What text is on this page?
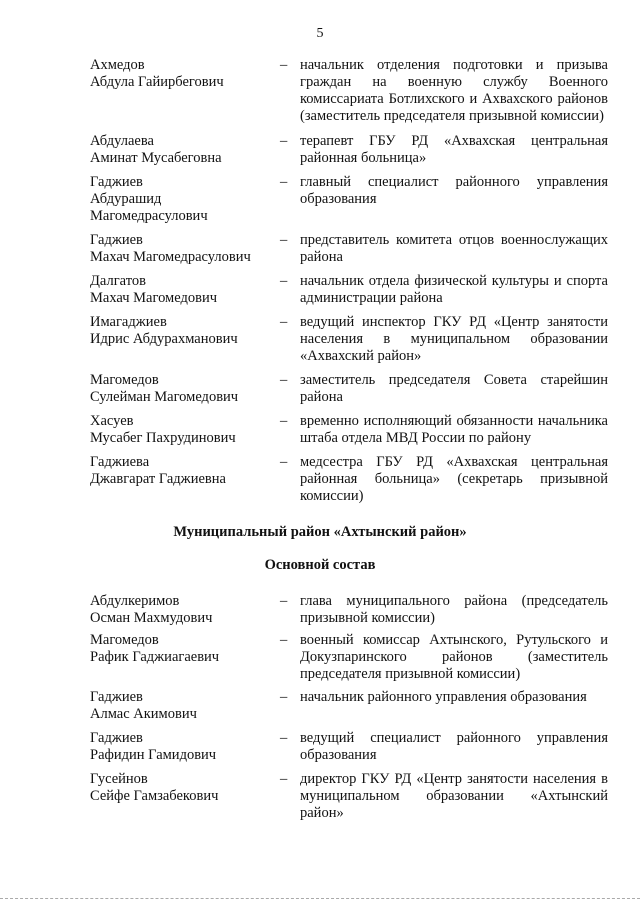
5
Ахмедов
Абдула Гайирбегович
– начальник отделения подготовки и призыва граждан на военную службу Военного комиссариата Ботлихского и Ахвахского районов (заместитель председателя призывной комиссии)
Абдулаева
Аминат Мусабеговна
– терапевт ГБУ РД «Ахвахская центральная районная больница»
Гаджиев
Абдурашид
Магомедрасулович
– главный специалист районного управления образования
Гаджиев
Махач Магомедрасулович
– представитель комитета отцов военнослужащих района
Далгатов
Махач Магомедович
– начальник отдела физической культуры и спорта администрации района
Имагаджиев
Идрис Абдурахманович
– ведущий инспектор ГКУ РД «Центр занятости населения в муниципальном образовании «Ахвахский район»
Магомедов
Сулейман Магомедович
– заместитель председателя Совета старейшин района
Хасуев
Мусабег Пахрудинович
– временно исполняющий обязанности начальника штаба отдела МВД России по району
Гаджиева
Джавгарат Гаджиевна
– медсестра ГБУ РД «Ахвахская центральная районная больница» (секретарь призывной комиссии)
Муниципальный район «Ахтынский район»
Основной состав
Абдулкеримов
Осман Махмудович
– глава муниципального района (председатель призывной комиссии)
Магомедов
Рафик Гаджиагаевич
– военный комиссар Ахтынского, Рутульского и Докузпаринского районов (заместитель председателя призывной комиссии)
Гаджиев
Алмас Акимович
– начальник районного управления образования
Гаджиев
Рафидин Гамидович
– ведущий специалист районного управления образования
Гусейнов
Сейфе Гамзабекович
– директор ГКУ РД «Центр занятости населения в муниципальном образовании «Ахтынский район»
